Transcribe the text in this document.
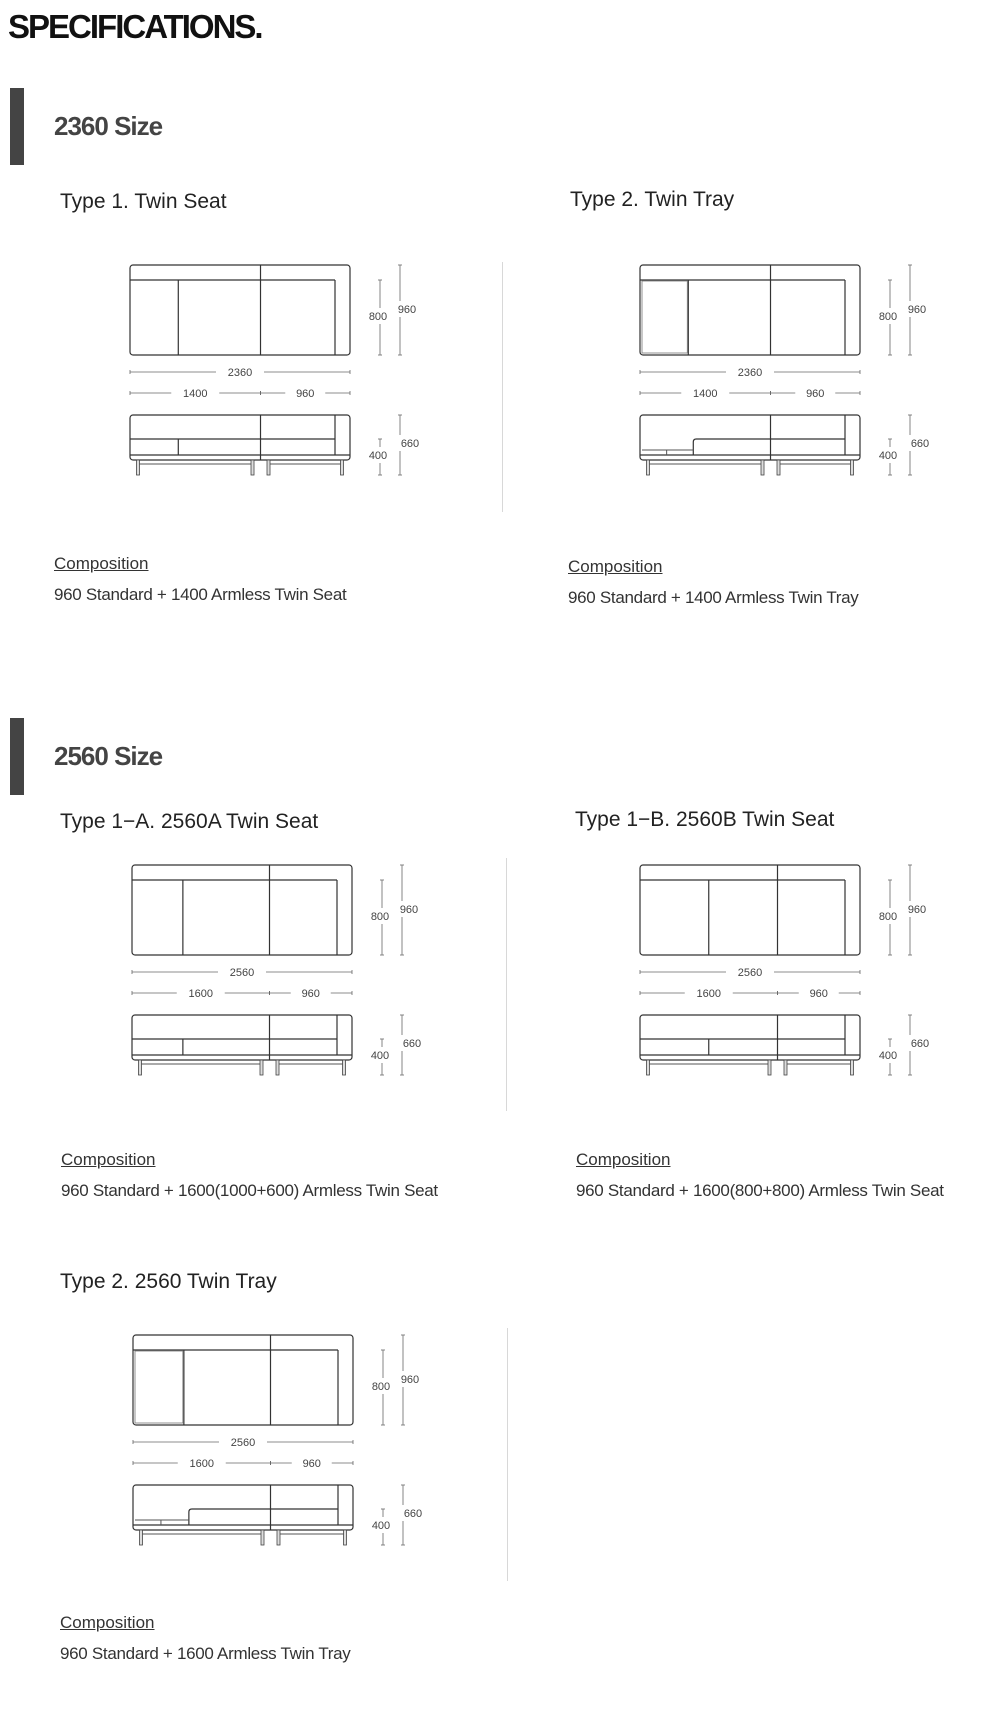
SPECIFICATIONS.
2360 Size
Type 1. Twin Seat	Type 2. Twin Tray
800
960
2360
1400	960
400
660
800
960
2360
1400	960
400
660
Composition
960 Standard + 1400 Armless Twin Seat
Composition
960 Standard + 1400 Armless Twin Tray
2560 Size
Type 1−A. 2560A Twin Seat	Type 1−B. 2560B Twin Seat
800
960
2560
1600	960
400
660
800
960
2560
1600	960
400
660
Composition
960 Standard + 1600(1000+600) Armless Twin Seat
Composition
960 Standard + 1600(800+800) Armless Twin Seat
Type 2. 2560 Twin Tray
800
960
2560
1600	960
400
660
Composition
960 Standard + 1600 Armless Twin Tray
